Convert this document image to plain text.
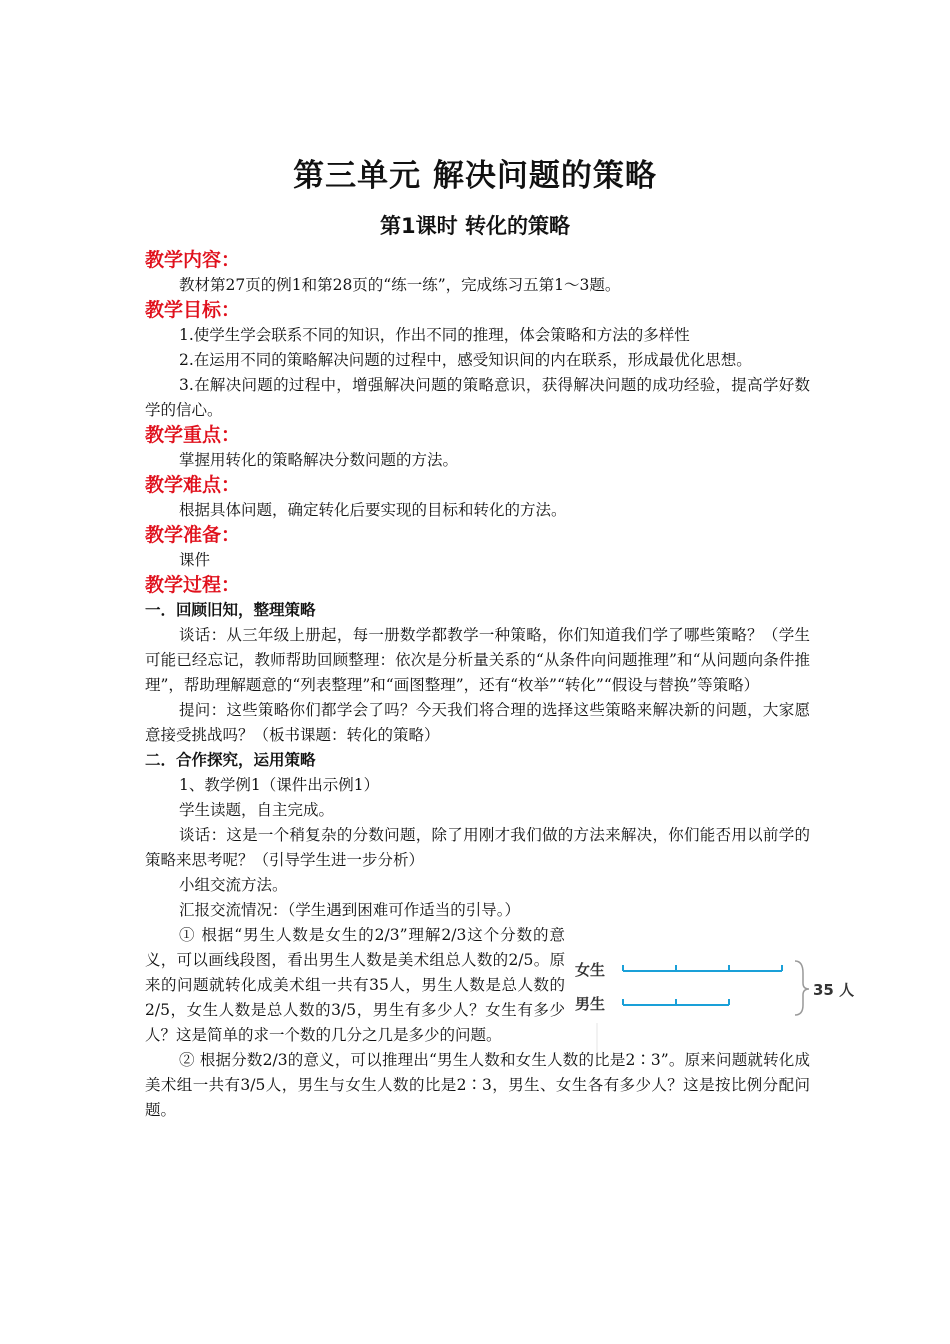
第三单元 解决问题的策略
第1课时 转化的策略
教学内容：
教材第27页的例1和第28页的“练一练”，完成练习五第1～3题。
教学目标：
1.使学生学会联系不同的知识，作出不同的推理，体会策略和方法的多样性
2.在运用不同的策略解决问题的过程中，感受知识间的内在联系，形成最优化思想。
3.在解决问题的过程中，增强解决问题的策略意识，获得解决问题的成功经验，提高学好数学的信心。
教学重点：
掌握用转化的策略解决分数问题的方法。
教学难点：
根据具体问题，确定转化后要实现的目标和转化的方法。
教学准备：
课件
教学过程：
一．回顾旧知，整理策略
谈话：从三年级上册起，每一册数学都教学一种策略，你们知道我们学了哪些策略？（学生可能已经忘记，教师帮助回顾整理：依次是分析量关系的“从条件向问题推理”和“从问题向条件推理”，帮助理解题意的“列表整理”和“画图整理”，还有“枚举”“转化”“假设与替换”等策略）
提问：这些策略你们都学会了吗？今天我们将合理的选择这些策略来解决新的问题，大家愿意接受挑战吗？（板书课题：转化的策略）
二．合作探究，运用策略
1、教学例1（课件出示例1）
学生读题，自主完成。
谈话：这是一个稍复杂的分数问题，除了用刚才我们做的方法来解决，你们能否用以前学的策略来思考呢？（引导学生进一步分析）
小组交流方法。
汇报交流情况：（学生遇到困难可作适当的引导。）
① 根据“男生人数是女生的2/3”理解2/3这个分数的意义，可以画线段图，看出男生人数是美术组总人数的2/5。原来的问题就转化成美术组一共有35人，男生人数是总人数的2/5，女生人数是总人数的3/5，男生有多少人？女生有多少人？这是简单的求一个数的几分之几是多少的问题。
女生
男生
35 人
② 根据分数2/3的意义，可以推理出“男生人数和女生人数的比是2∶3”。原来问题就转化成美术组一共有3/5人，男生与女生人数的比是2∶3，男生、女生各有多少人？这是按比例分配问题。
